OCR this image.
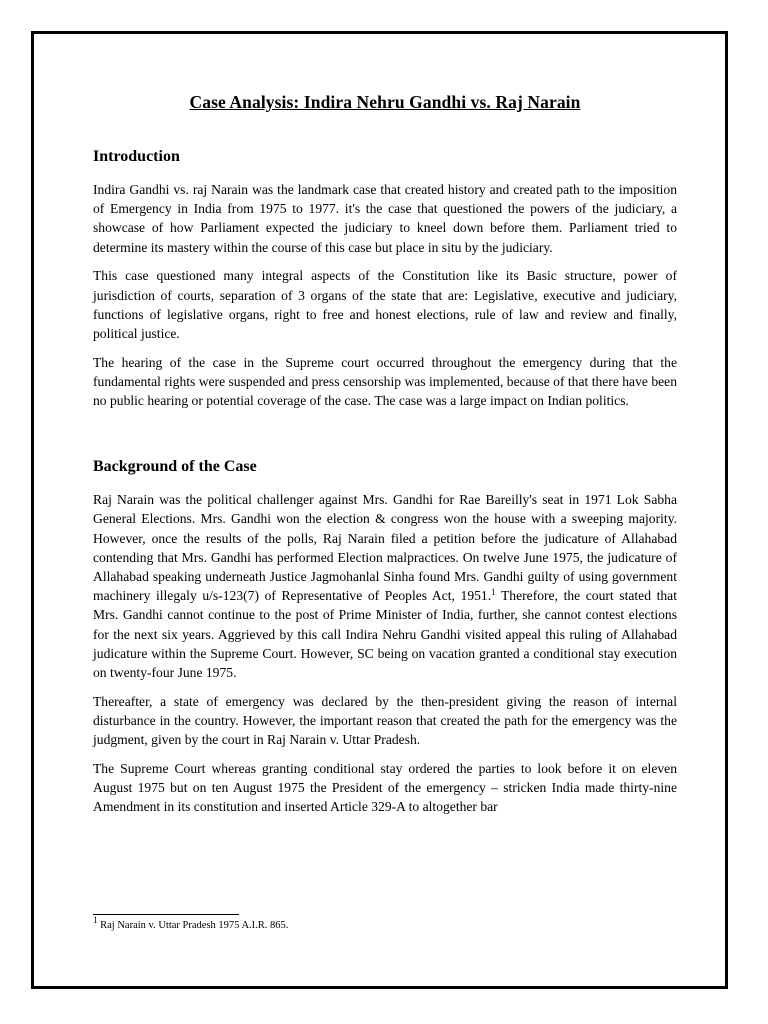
Case Analysis: Indira Nehru Gandhi vs. Raj Narain
Introduction

Indira Gandhi vs. raj Narain was the landmark case that created history and created path to the imposition of Emergency in India from 1975 to 1977. it's the case that questioned the powers of the judiciary, a showcase of how Parliament expected the judiciary to kneel down before them. Parliament tried to determine its mastery within the course of this case but place in situ by the judiciary.

This case questioned many integral aspects of the Constitution like its Basic structure, power of jurisdiction of courts, separation of 3 organs of the state that are: Legislative, executive and judiciary, functions of legislative organs, right to free and honest elections, rule of law and review and finally, political justice.

The hearing of the case in the Supreme court occurred throughout the emergency during that the fundamental rights were suspended and press censorship was implemented, because of that there have been no public hearing or potential coverage of the case. The case was a large impact on Indian politics.

Background of the Case

Raj Narain was the political challenger against Mrs. Gandhi for Rae Bareilly's seat in 1971 Lok Sabha General Elections. Mrs. Gandhi won the election & congress won the house with a sweeping majority. However, once the results of the polls, Raj Narain filed a petition before the judicature of Allahabad contending that Mrs. Gandhi has performed Election malpractices. On twelve June 1975, the judicature of Allahabad speaking underneath Justice Jagmohanlal Sinha found Mrs. Gandhi guilty of using government machinery illegaly u/s-123(7) of Representative of Peoples Act, 1951.$^1$ Therefore, the court stated that Mrs. Gandhi cannot continue to the post of Prime Minister of India, further, she cannot contest elections for the next six years. Aggrieved by this call Indira Nehru Gandhi visited appeal this ruling of Allahabad judicature within the Supreme Court. However, SC being on vacation granted a conditional stay execution on twenty-four June 1975.

Thereafter, a state of emergency was declared by the then-president giving the reason of internal disturbance in the country. However, the important reason that created the path for the emergency was the judgment, given by the court in Raj Narain v. Uttar Pradesh.

The Supreme Court whereas granting conditional stay ordered the parties to look before it on eleven August 1975 but on ten August 1975 the President of the emergency – stricken India made thirty-nine Amendment in its constitution and inserted Article 329-A to altogether bar

$^1$ Raj Narain v. Uttar Pradesh 1975 A.I.R. 865.
